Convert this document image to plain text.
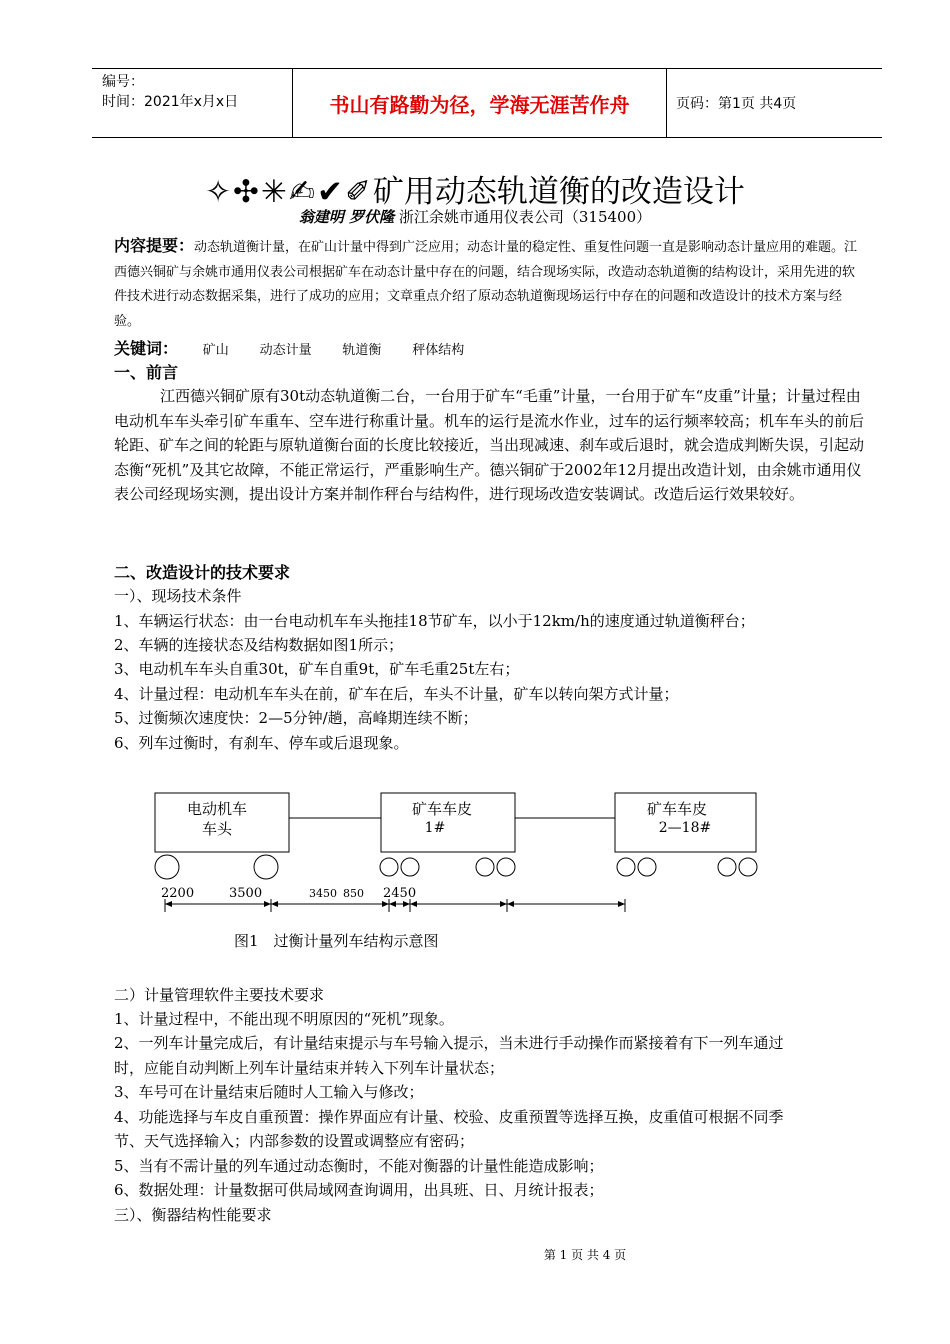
编号：
时间：2021年x月x日	书山有路勤为径，学海无涯苦作舟	页码：第1页 共4页
✧✣✳✍✔✐矿用动态轨道衡的改造设计
翁建明 罗伏隆 浙江余姚市通用仪表公司（315400）
内容提要：动态轨道衡计量，在矿山计量中得到广泛应用；动态计量的稳定性、重复性问题一直是影响动态计量应用的难题。江西德兴铜矿与余姚市通用仪表公司根据矿车在动态计量中存在的问题，结合现场实际，改造动态轨道衡的结构设计，采用先进的软件技术进行动态数据采集，进行了成功的应用；文章重点介绍了原动态轨道衡现场运行中存在的问题和改造设计的技术方案与经验。
关键词： 矿山 动态计量 轨道衡 秤体结构
一、前言
江西德兴铜矿原有30t动态轨道衡二台，一台用于矿车“毛重”计量，一台用于矿车“皮重”计量；计量过程由电动机车车头牵引矿车重车、空车进行称重计量。机车的运行是流水作业，过车的运行频率较高；机车车头的前后轮距、矿车之间的轮距与原轨道衡台面的长度比较接近，当出现减速、刹车或后退时，就会造成判断失误，引起动态衡“死机”及其它故障，不能正常运行，严重影响生产。德兴铜矿于2002年12月提出改造计划，由余姚市通用仪表公司经现场实测，提出设计方案并制作秤台与结构件，进行现场改造安装调试。改造后运行效果较好。
二、改造设计的技术要求
一）、现场技术条件
1、车辆运行状态：由一台电动机车车头拖挂18节矿车，以小于12km/h的速度通过轨道衡秤台；
2、车辆的连接状态及结构数据如图1所示；
3、电动机车车头自重30t，矿车自重9t，矿车毛重25t左右；
4、计量过程：电动机车车头在前，矿车在后，车头不计量，矿车以转向架方式计量；
5、过衡频次速度快：2—5分钟/趟，高峰期连续不断；
6、列车过衡时，有刹车、停车或后退现象。
电动机车
车头
矿车车皮
1#
矿车车皮
2—18#
2200	3500	3450 850 2450
图1　过衡计量列车结构示意图
二）计量管理软件主要技术要求
1、计量过程中，不能出现不明原因的“死机”现象。
2、一列车计量完成后，有计量结束提示与车号输入提示，当未进行手动操作而紧接着有下一列车通过
时，应能自动判断上列车计量结束并转入下列车计量状态；
3、车号可在计量结束后随时人工输入与修改；
4、功能选择与车皮自重预置：操作界面应有计量、校验、皮重预置等选择互换，皮重值可根据不同季
节、天气选择输入；内部参数的设置或调整应有密码；
5、当有不需计量的列车通过动态衡时，不能对衡器的计量性能造成影响；
6、数据处理：计量数据可供局域网查询调用，出具班、日、月统计报表；
三）、衡器结构性能要求
第 1 页 共 4 页
